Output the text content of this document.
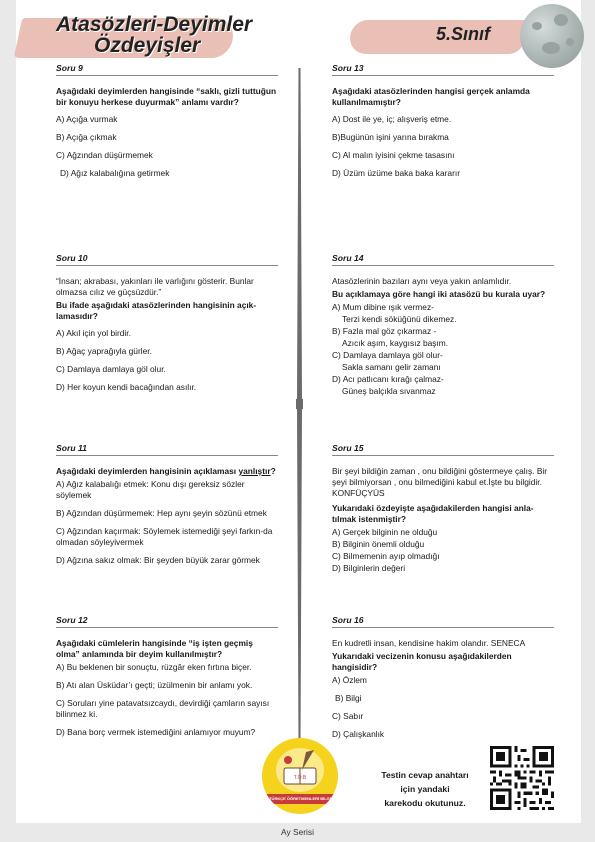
Atasözleri-Deyimler
Özdeyişler	5.Sınıf
Soru 9
Aşağıdaki deyimlerden hangisinde “saklı, gizli tuttuğun bir konuyu herkese duyurmak” anlamı vardır?
A) Açığa vurmak
B) Açığa çıkmak
C) Ağzından düşürmemek
D) Ağız kalabalığına getirmek
Soru 13
Aşağıdaki atasözlerinden hangisi gerçek anlamda kullanılmamıştır?
A) Dost ile ye, iç; alışveriş etme.
B)Bugünün işini yarına bırakma
C) Al malın iyisini çekme tasasını
D) Üzüm üzüme baka baka kararır
Soru 10
“İnsan; akrabası, yakınları ile varlığını gösterir. Bunlar olmazsa cılız ve güçsüzdür.”
Bu ifade aşağıdaki atasözlerinden hangisinin açık-lamasıdır?
A) Akıl için yol birdir.
B) Ağaç yaprağıyla gürler.
C) Damlaya damlaya göl olur.
D) Her koyun kendi bacağından asılır.
Soru 14
Atasözlerinin bazıları aynı veya yakın anlamlıdır.
Bu açıklamaya göre hangi iki atasözü bu kurala uyar?
A) Mum dibine ışık vermez-
Terzi kendi söküğünü dikemez.
B) Fazla mal göz çıkarmaz -
Azıcık aşım, kaygısız başım.
C) Damlaya damlaya göl olur-
Sakla samanı gelir zamanı
D) Acı patlıcanı kırağı çalmaz-
Güneş balçıkla sıvanmaz
Soru 11
Aşağıdaki deyimlerden hangisinin açıklaması yanlıştır?
A) Ağız kalabalığı etmek: Konu dışı gereksiz sözler söylemek
B) Ağzından düşürmemek: Hep aynı şeyin sözünü etmek
C) Ağzından kaçırmak: Söylemek istemediği şeyi farkın-da olmadan söyleyivermek
D) Ağzına sakız olmak: Bir şeyden büyük zarar görmek
Soru 15
Bir şeyi bildiğin zaman , onu bildiğini göstermeye çalış. Bir şeyi bilmiyorsan , onu bilmediğini kabul et.İşte bu bilgidir. KONFÜÇYÜS
Yukarıdaki özdeyişte aşağıdakilerden hangisi anla-tılmak istenmiştir?
A) Gerçek bilginin ne olduğu
B) Bilginin önemli olduğu
C) Bilmemenin ayıp olmadığı
D) Bilginlerin değeri
Soru 12
Aşağıdaki cümlelerin hangisinde “iş işten geçmiş olma” anlamında bir deyim kullanılmıştır?
A) Bu beklenen bir sonuçtu, rüzgâr eken fırtına biçer.
B) Atı alan Üsküdar’ı geçti; üzülmenin bir anlamı yok.
C) Soruları yine patavatsızcaydı, devirdiği çamların sayısı bilinmez ki.
D) Bana borç vermek istemediğini anlamıyor muyum?
Soru 16
En kudretli insan, kendisine hakim olandır. SENECA
Yukarıdaki vecizenin konusu aşağıdakilerden hangisidir?
A) Özlem
B) Bilgi
C) Sabır
D) Çalışkanlık
T.Ö.B
TÜRKÇE ÖĞRETMENLERİ BİLGİ
Testin cevap anahtarı
için yandaki
karekodu okutunuz.
Ay Serisi
